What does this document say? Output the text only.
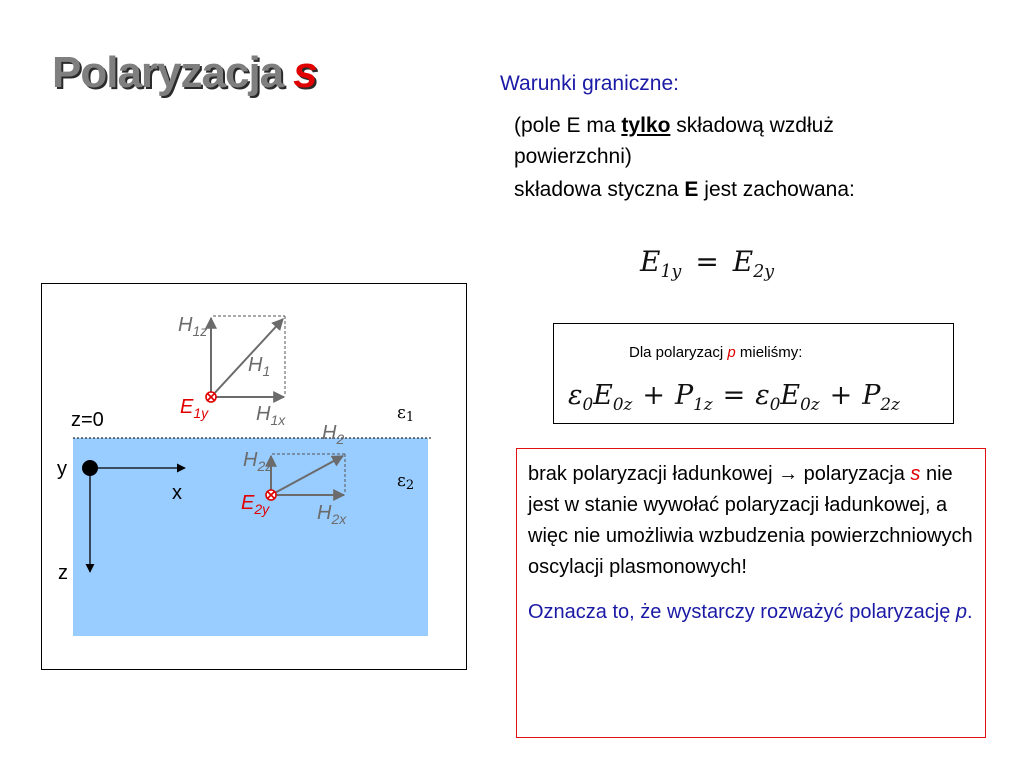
Polaryzacja s	Warunki graniczne:
(pole E ma tylko składową wzdłuż
powierzchni)
składowa styczna E jest zachowana:
$E_{1y} = E_{2y}$
Dla polaryzacj p mieliśmy:
$\varepsilon_0E_{0z} + P_{1z} = \varepsilon_0E_{0z} + P_{2z}$

brak polaryzacji ładunkowej → polaryzacja s nie jest w stanie wywołać polaryzacji ładunkowej, a więc nie umożliwia wzbudzenia powierzchniowych oscylacji plasmonowych!

Oznacza to, że wystarczy rozważyć polaryzację p.

z=0
y
x
z
ε1
ε2
$H_{1z}$
$H_1$
$H_{1x}$
$H_2$
$H_{2z}$
$H_{2x}$
$E_{1y}$
$E_{2y}$
